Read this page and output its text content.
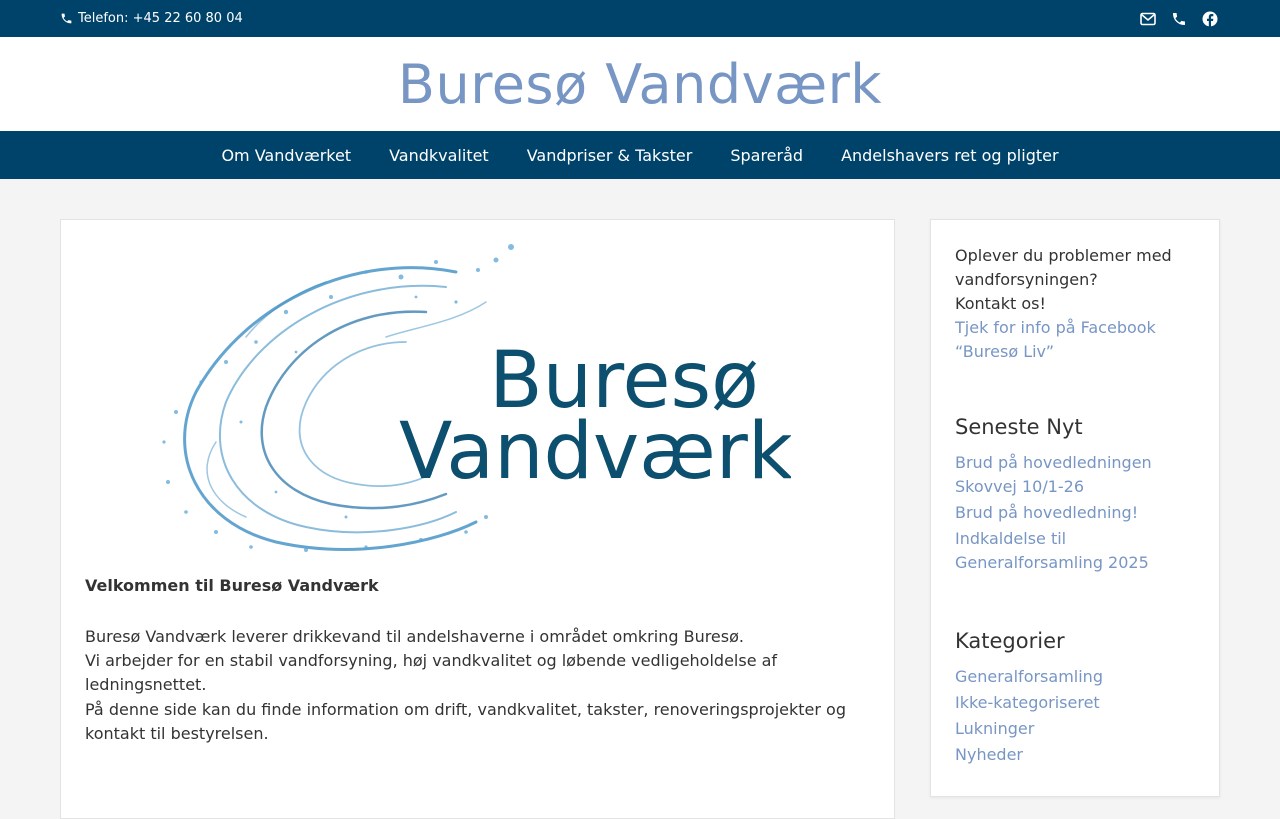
Telefon: +45 22 60 80 04
Buresø Vandværk
Om Vandværket	Vandkvalitet	Vandpriser & Takster	Spareråd	Andelshavers ret og pligter
Buresø
Vandværk
Velkommen til Buresø Vandværk
Buresø Vandværk leverer drikkevand til andelshaverne i området omkring Buresø.
Vi arbejder for en stabil vandforsyning, høj vandkvalitet og løbende vedligeholdelse af ledningsnettet.
På denne side kan du finde information om drift, vandkvalitet, takster, renoveringsprojekter og kontakt til bestyrelsen.
Oplever du problemer med vandforsyningen?
Kontakt os!
Tjek for info på Facebook “Buresø Liv”
Seneste Nyt
Brud på hovedledningen Skovvej 10/1-26
Brud på hovedledning!
Indkaldelse til Generalforsamling 2025
Kategorier
Generalforsamling
Ikke-kategoriseret
Lukninger
Nyheder
